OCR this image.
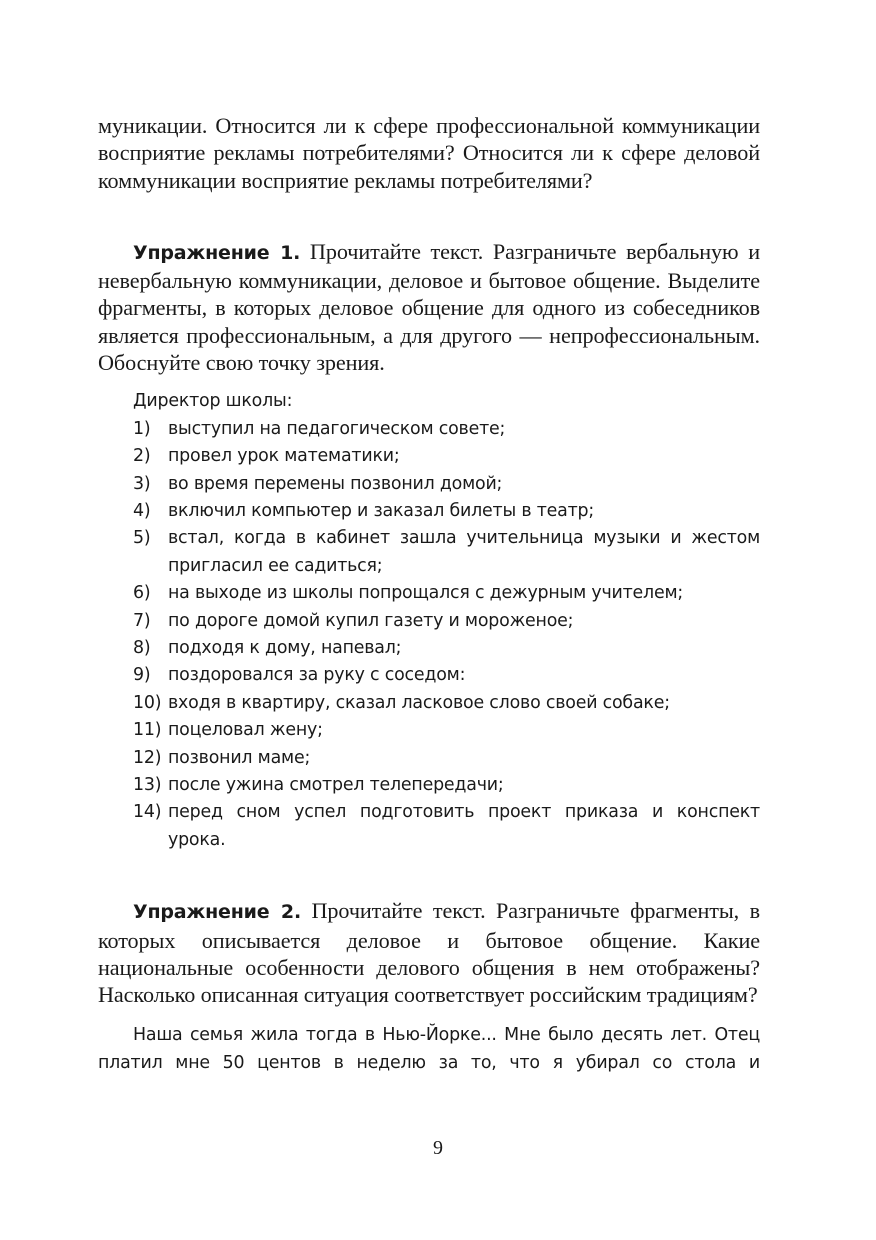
муникации. Относится ли к сфере профессиональной коммуникации восприятие рекламы потребителями? Относится ли к сфере деловой коммуникации восприятие рекламы потребителями?

Упражнение 1. Прочитайте текст. Разграничьте вербальную и невербальную коммуникации, деловое и бытовое общение. Выделите фрагменты, в которых деловое общение для одного из собеседников является профессиональным, а для другого — непрофессиональным. Обоснуйте свою точку зрения.

Директор школы:

1)	выступил на педагогическом совете;
2)	провел урок математики;
3)	во время перемены позвонил домой;
4)	включил компьютер и заказал билеты в театр;
5)	встал, когда в кабинет зашла учительница музыки и жестом пригласил ее садиться;
6)	на выходе из школы попрощался с дежурным учителем;
7)	по дороге домой купил газету и мороженое;
8)	подходя к дому, напевал;
9)	поздоровался за руку с соседом:
10) входя в квартиру, сказал ласковое слово своей собаке;
11) поцеловал жену;
12) позвонил маме;
13) после ужина смотрел телепередачи;
14) перед сном успел подготовить проект приказа и конспект урока.

Упражнение 2. Прочитайте текст. Разграничьте фрагменты, в которых описывается деловое и бытовое общение. Какие национальные особенности делового общения в нем отображены? Насколько описанная ситуация соответствует российским традициям?

Наша семья жила тогда в Нью-Йорке... Мне было десять лет. Отец платил мне 50 центов в неделю за то, что я убирал со стола и

9
